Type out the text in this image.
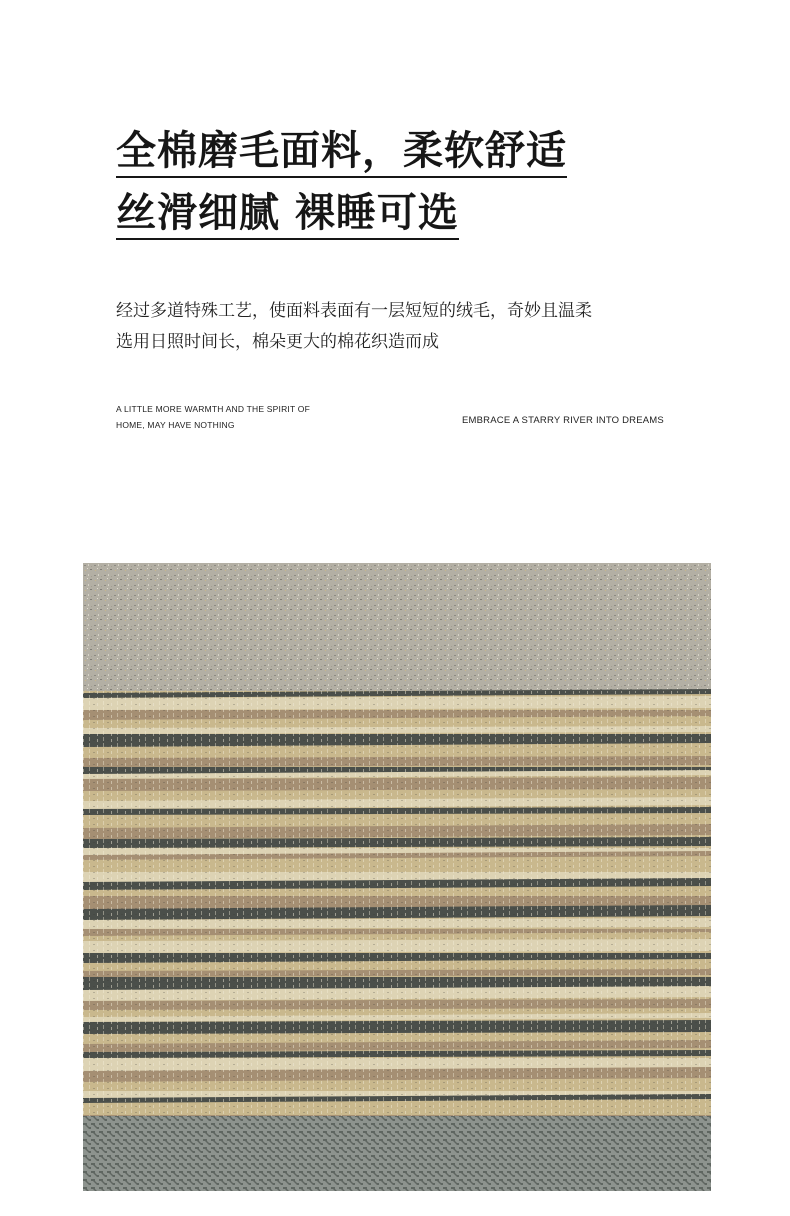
全棉磨毛面料，柔软舒适
丝滑细腻 裸睡可选
经过多道特殊工艺，使面料表面有一层短短的绒毛，奇妙且温柔
选用日照时间长，棉朵更大的棉花织造而成
A LITTLE MORE WARMTH AND THE SPIRIT OF
HOME, MAY HAVE NOTHING	EMBRACE A STARRY RIVER INTO DREAMS
